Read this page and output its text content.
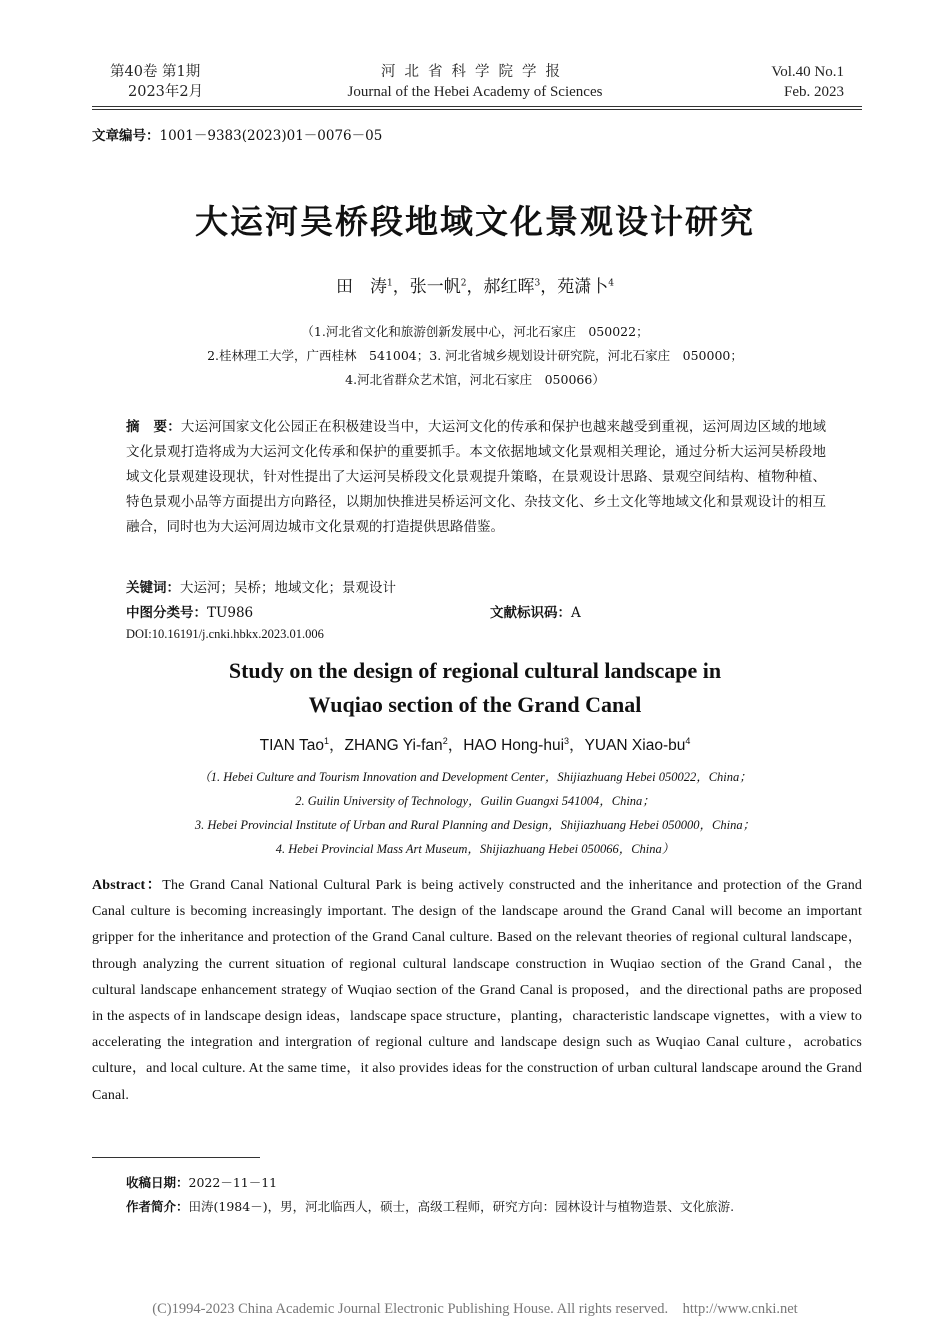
第40卷 第1期
2023年2月
河北省科学院学报
Journal of the Hebei Academy of Sciences
Vol.40 No.1
Feb. 2023
文章编号：1001－9383(2023)01－0076－05
大运河吴桥段地域文化景观设计研究
田　涛$^1$，张一帆$^2$，郝红晖$^3$，苑潇卜$^4$
（1.河北省文化和旅游创新发展中心，河北石家庄　050022；
2.桂林理工大学，广西桂林　541004；3. 河北省城乡规划设计研究院，河北石家庄　050000；
4.河北省群众艺术馆，河北石家庄　050066）
摘　要：大运河国家文化公园正在积极建设当中，大运河文化的传承和保护也越来越受到重视，运河周边区域的地域文化景观打造将成为大运河文化传承和保护的重要抓手。本文依据地域文化景观相关理论，通过分析大运河吴桥段地域文化景观建设现状，针对性提出了大运河吴桥段文化景观提升策略，在景观设计思路、景观空间结构、植物种植、特色景观小品等方面提出方向路径，以期加快推进吴桥运河文化、杂技文化、乡土文化等地域文化和景观设计的相互融合，同时也为大运河周边城市文化景观的打造提供思路借鉴。
关键词：大运河；吴桥；地域文化；景观设计
中图分类号：TU986	文献标识码：A
DOI:10.16191/j.cnki.hbkx.2023.01.006
Study on the design of regional cultural landscape in
Wuqiao section of the Grand Canal
TIAN Tao$^1$，ZHANG Yi-fan$^2$，HAO Hong-hui$^3$，YUAN Xiao-$bu^4$
（1. Hebei Culture and Tourism Innovation and Development Center，Shijiazhuang Hebei 050022，China；
2. Guilin University of Technology，Guilin Guangxi 541004，China；
3. Hebei Provincial Institute of Urban and Rural Planning and Design，Shijiazhuang Hebei 050000，China；
4. Hebei Provincial Mass Art Museum，Shijiazhuang Hebei 050066，China）
Abstract：The Grand Canal National Cultural Park is being actively constructed and the inheritance and protection of the Grand Canal culture is becoming increasingly important. The design of the landscape around the Grand Canal will become an important gripper for the inheritance and protection of the Grand Canal culture. Based on the relevant theories of regional cultural landscape，through analyzing the current situation of regional cultural landscape construction in Wuqiao section of the Grand Canal，the cultural landscape enhancement strategy of Wuqiao section of the Grand Canal is proposed，and the directional paths are proposed in the aspects of in landscape design ideas，landscape space structure，planting，characteristic landscape vignettes，with a view to accelerating the integration and intergration of regional culture and landscape design such as Wuqiao Canal culture，acrobatics culture，and local culture. At the same time，it also provides ideas for the construction of urban cultural landscape around the Grand Canal.
收稿日期：2022－11－11
作者简介：田涛(1984－)，男，河北临西人，硕士，高级工程师，研究方向：园林设计与植物造景、文化旅游.
(C)1994-2023 China Academic Journal Electronic Publishing House. All rights reserved.　http://www.cnki.net
